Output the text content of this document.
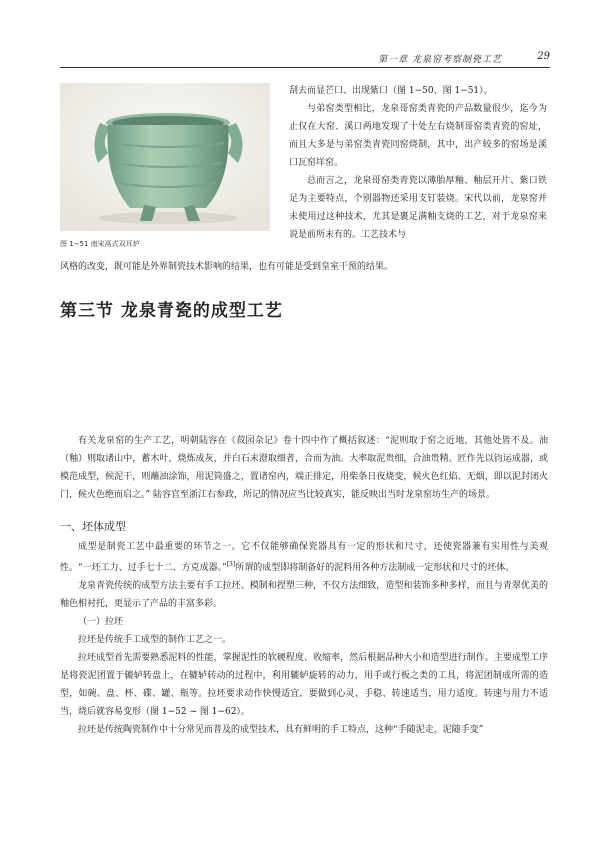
第一章 龙泉窑考察制瓷工艺	29
图 1−51 南宋鬲式双耳炉

刮去而显芒口、出现紫口（图 1−50、图 1−51）。

与弟窑类型相比，龙泉哥窑类青瓷的产品数量很少，迄今为止仅在大窑、溪口两地发现了十处左右烧制哥窑类青瓷的窑址，而且大多是与弟窑类青瓷同窑烧制，其中，出产较多的窑场是溪口瓦窑垟窑。

总而言之，龙泉哥窑类青瓷以薄胎厚釉、釉层开片、紫口铁足为主要特点，个别器物还采用支钉装烧。宋代以前，龙泉窑并未使用过这种技术，尤其是裹足满釉支烧的工艺，对于龙泉窑来说是前所未有的。工艺技术与

风格的改变，既可能是外界制瓷技术影响的结果，也有可能是受到皇室干预的结果。

第三节 龙泉青瓷的成型工艺

有关龙泉窑的生产工艺，明朝陆容在《菽园杂记》卷十四中作了概括叙述：“泥则取于窑之近地，其他处皆不及。油（釉）则取诸山中，蓄木叶，烧炼成灰，并白石末澄取细者，合而为油。大率取泥贵细，合油贵精。匠作先以钧运成器，或模范成型，候泥干，则蘸油涂饰，用泥筒盛之，置诸窑内，端正排定，用柴条日夜烧变，候火色红焰、无烟，即以泥封闭火门，候火色绝而启之。” 陆容官至浙江右参政，所记的情况应当比较真实，能反映出当时龙泉窑坊生产的场景。

一、坯体成型

成型是制瓷工艺中最重要的环节之一。它不仅能够确保瓷器具有一定的形状和尺寸，还使瓷器兼有实用性与美观性。“一坯工力、过手七十二、方克成器。”[3]所谓的成型即将制备好的泥料用各种方法制成一定形状和尺寸的坯体。

龙泉青瓷传统的成型方法主要有手工拉坯、模制和捏塑三种，不仅方法细致，造型和装饰多种多样，而且与青翠优美的釉色相衬托，更显示了产品的丰富多彩。

（一）拉坯

拉坯是传统手工成型的制作工艺之一。

拉坯成型首先需要熟悉泥料的性能，掌握泥性的软硬程度、收缩率，然后根据品种大小和造型进行制作。主要成型工序是将瓷泥团置于辘轳转盘上，在辘轳转动的过程中，利用辘轳旋转的动力，用手或行板之类的工具，将泥团制成所需的造型，如碗、盘、杯、碟、罐、瓶等。拉坯要求动作快慢适宜，要做到心灵、手稳、转速适当，用力适度。转速与用力不适当，烧后就容易变形（图 1−52 ~ 图 1−62）。

拉坯是传统陶瓷制作中十分常见而普及的成型技术，具有鲜明的手工特点，这种“手随泥走，泥随手变”
